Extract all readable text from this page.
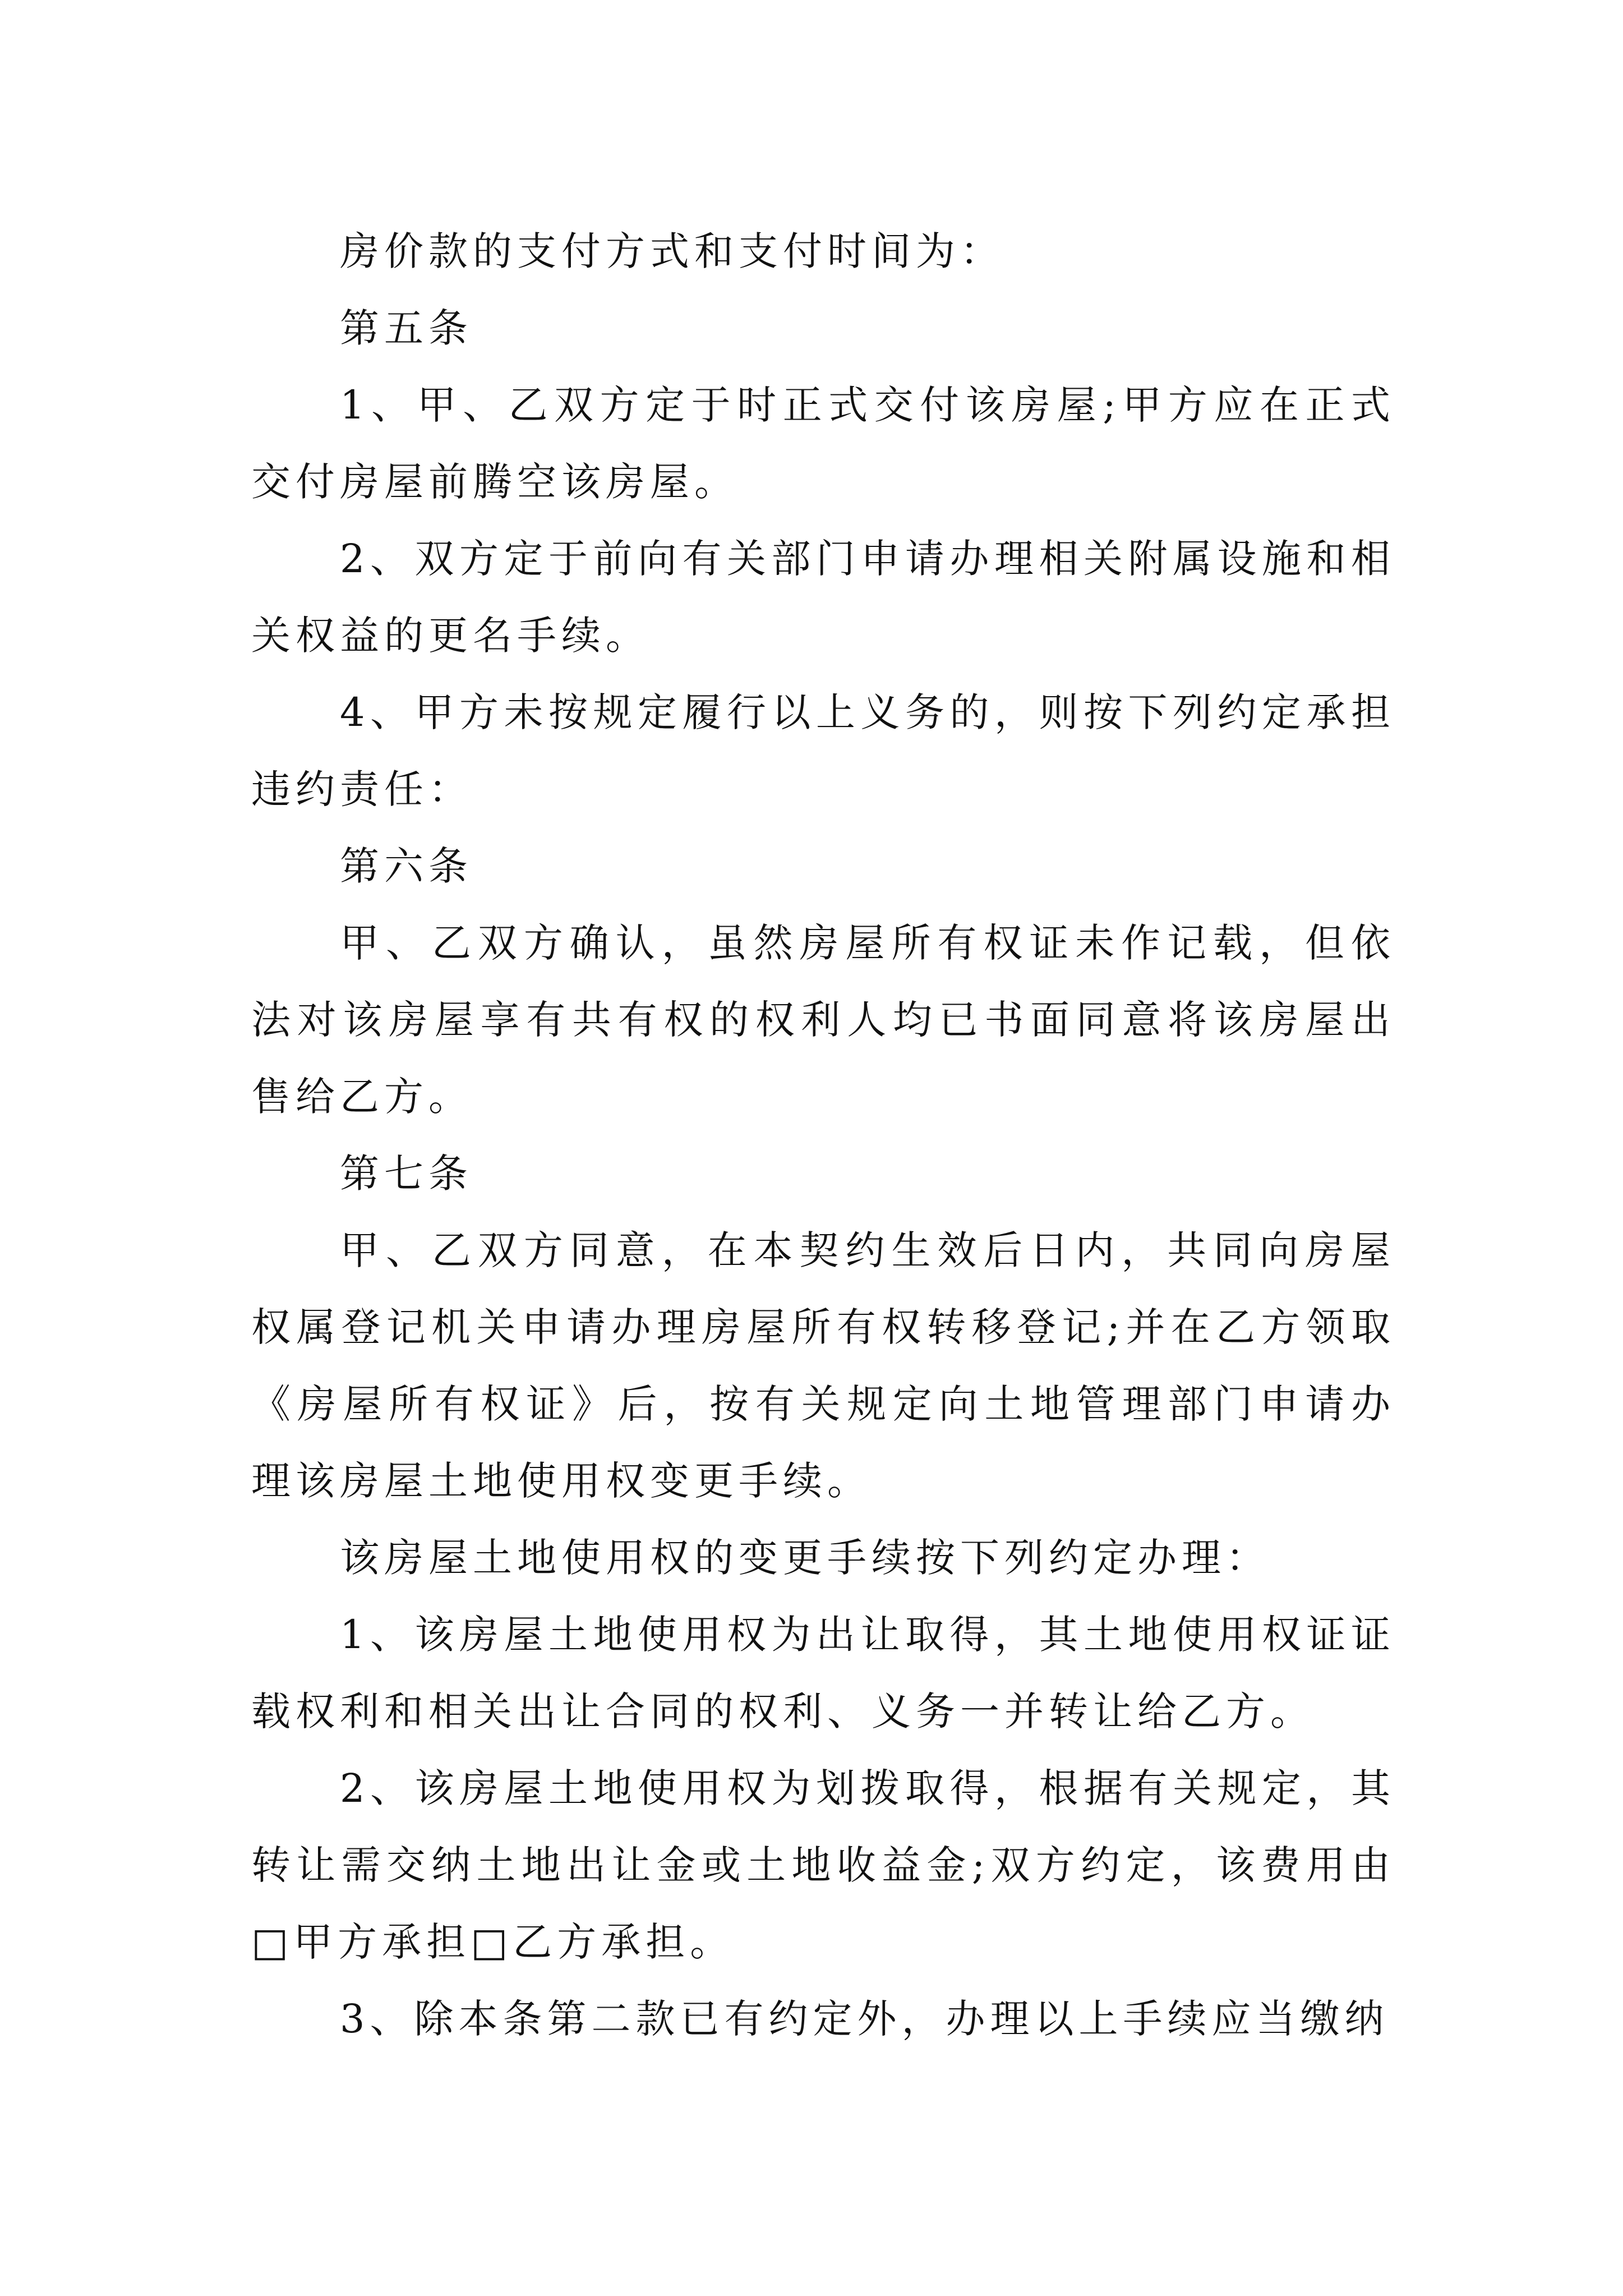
房价款的支付方式和支付时间为：

第五条

1、甲、乙双方定于时正式交付该房屋;甲方应在正式交付房屋前腾空该房屋。

2、双方定于前向有关部门申请办理相关附属设施和相关权益的更名手续。

4、甲方未按规定履行以上义务的，则按下列约定承担违约责任：

第六条

甲、乙双方确认，虽然房屋所有权证未作记载，但依法对该房屋享有共有权的权利人均已书面同意将该房屋出售给乙方。

第七条

甲、乙双方同意，在本契约生效后日内，共同向房屋权属登记机关申请办理房屋所有权转移登记;并在乙方领取《房屋所有权证》后，按有关规定向土地管理部门申请办理该房屋土地使用权变更手续。

该房屋土地使用权的变更手续按下列约定办理：

1、该房屋土地使用权为出让取得，其土地使用权证证载权利和相关出让合同的权利、义务一并转让给乙方。

2、该房屋土地使用权为划拨取得，根据有关规定，其转让需交纳土地出让金或土地收益金;双方约定，该费用由□甲方承担□乙方承担。

3、除本条第二款已有约定外，办理以上手续应当缴纳
